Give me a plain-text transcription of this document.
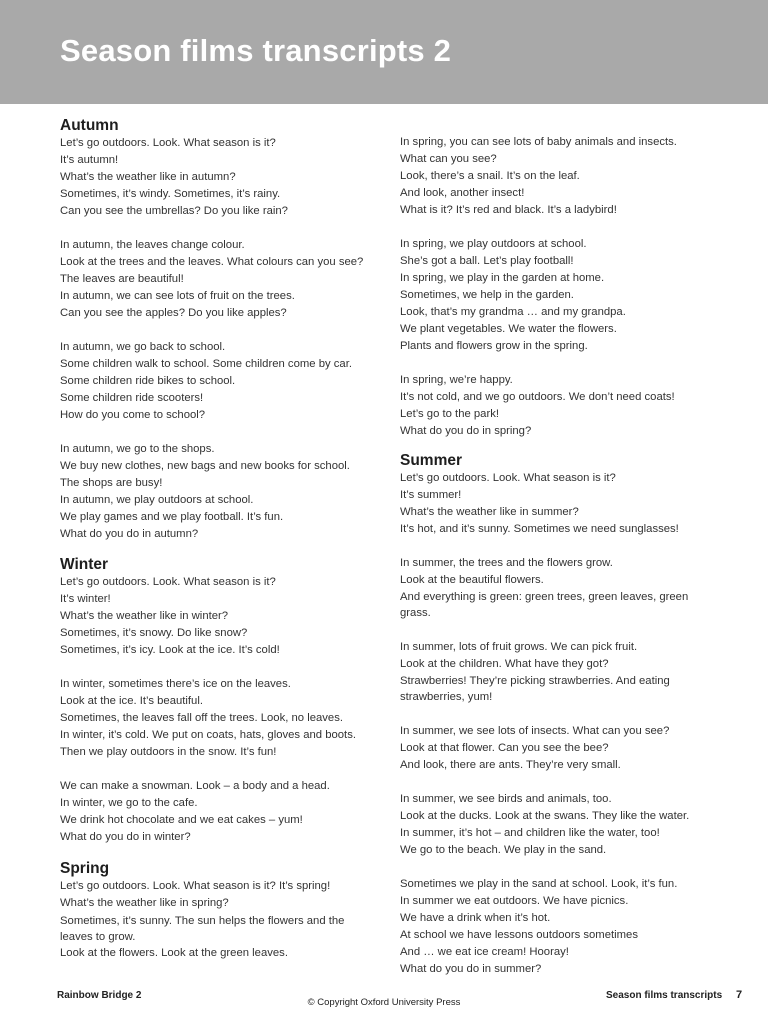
Season films transcripts 2
Autumn
Let’s go outdoors. Look. What season is it?
It’s autumn!
What’s the weather like in autumn?
Sometimes, it’s windy. Sometimes, it’s rainy.
Can you see the umbrellas? Do you like rain?
In autumn, the leaves change colour.
Look at the trees and the leaves. What colours can you see?
The leaves are beautiful!
In autumn, we can see lots of fruit on the trees.
Can you see the apples? Do you like apples?
In autumn, we go back to school.
Some children walk to school. Some children come by car.
Some children ride bikes to school.
Some children ride scooters!
How do you come to school?
In autumn, we go to the shops.
We buy new clothes, new bags and new books for school.
The shops are busy!
In autumn, we play outdoors at school.
We play games and we play football. It’s fun.
What do you do in autumn?
Winter
Let’s go outdoors. Look. What season is it?
It’s winter!
What’s the weather like in winter?
Sometimes, it’s snowy. Do like snow?
Sometimes, it’s icy. Look at the ice. It’s cold!
In winter, sometimes there’s ice on the leaves.
Look at the ice. It’s beautiful.
Sometimes, the leaves fall off the trees. Look, no leaves.
In winter, it’s cold. We put on coats, hats, gloves and boots.
Then we play outdoors in the snow. It’s fun!
We can make a snowman. Look – a body and a head.
In winter, we go to the cafe.
We drink hot chocolate and we eat cakes – yum!
What do you do in winter?
Spring
Let’s go outdoors. Look. What season is it? It’s spring!
What’s the weather like in spring?
Sometimes, it’s sunny. The sun helps the flowers and the leaves to grow.
Look at the flowers. Look at the green leaves.
In spring, you can see lots of baby animals and insects.
What can you see?
Look, there’s a snail. It’s on the leaf.
And look, another insect!
What is it? It’s red and black. It’s a ladybird!
In spring, we play outdoors at school.
She’s got a ball. Let’s play football!
In spring, we play in the garden at home.
Sometimes, we help in the garden.
Look, that’s my grandma … and my grandpa.
We plant vegetables. We water the flowers.
Plants and flowers grow in the spring.
In spring, we’re happy.
It’s not cold, and we go outdoors. We don’t need coats!
Let’s go to the park!
What do you do in spring?
Summer
Let’s go outdoors. Look. What season is it?
It’s summer!
What’s the weather like in summer?
It’s hot, and it’s sunny. Sometimes we need sunglasses!
In summer, the trees and the flowers grow.
Look at the beautiful flowers.
And everything is green: green trees, green leaves, green grass.
In summer, lots of fruit grows. We can pick fruit.
Look at the children. What have they got?
Strawberries! They’re picking strawberries. And eating strawberries, yum!
In summer, we see lots of insects. What can you see?
Look at that flower. Can you see the bee?
And look, there are ants. They’re very small.
In summer, we see birds and animals, too.
Look at the ducks. Look at the swans. They like the water.
In summer, it’s hot – and children like the water, too!
We go to the beach. We play in the sand.
Sometimes we play in the sand at school. Look, it’s fun.
In summer we eat outdoors. We have picnics.
We have a drink when it’s hot.
At school we have lessons outdoors sometimes
And … we eat ice cream! Hooray!
What do you do in summer?
Rainbow Bridge 2
© Copyright Oxford University Press
Season films transcripts 7
